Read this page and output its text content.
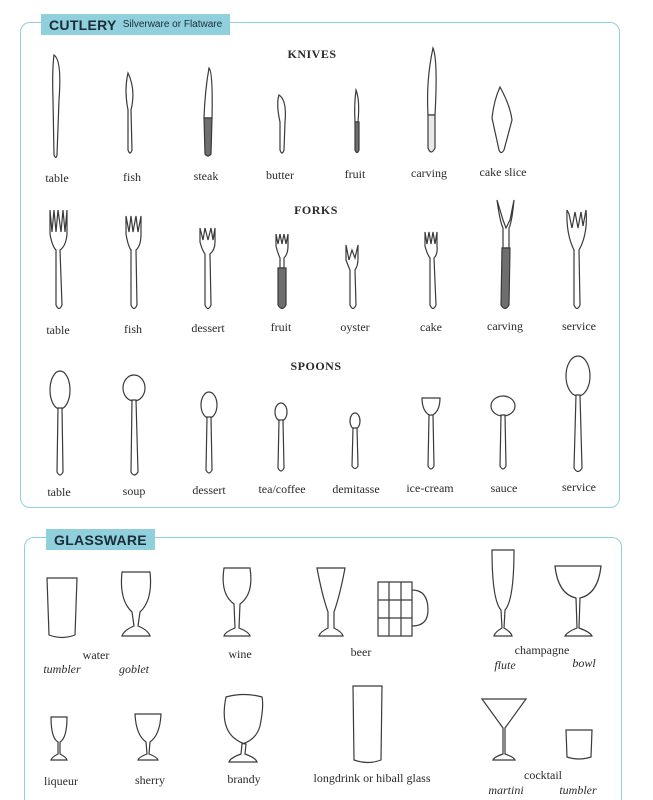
CUTLERY Silverware or Flatware
GLASSWARE
KNIVES
table	fish	steak	butter	fruit	carving	cake slice
FORKS
table	fish	dessert	fruit	oyster	cake	carving	service
SPOONS
table	soup	dessert	tea/coffee demitasse ice-cream	sauce	service
water
tumbler	goblet
wine	beer	champagne
flute	bowl
liqueur	sherry	brandy	longdrink or hiball glass	cocktail
martini	tumbler
